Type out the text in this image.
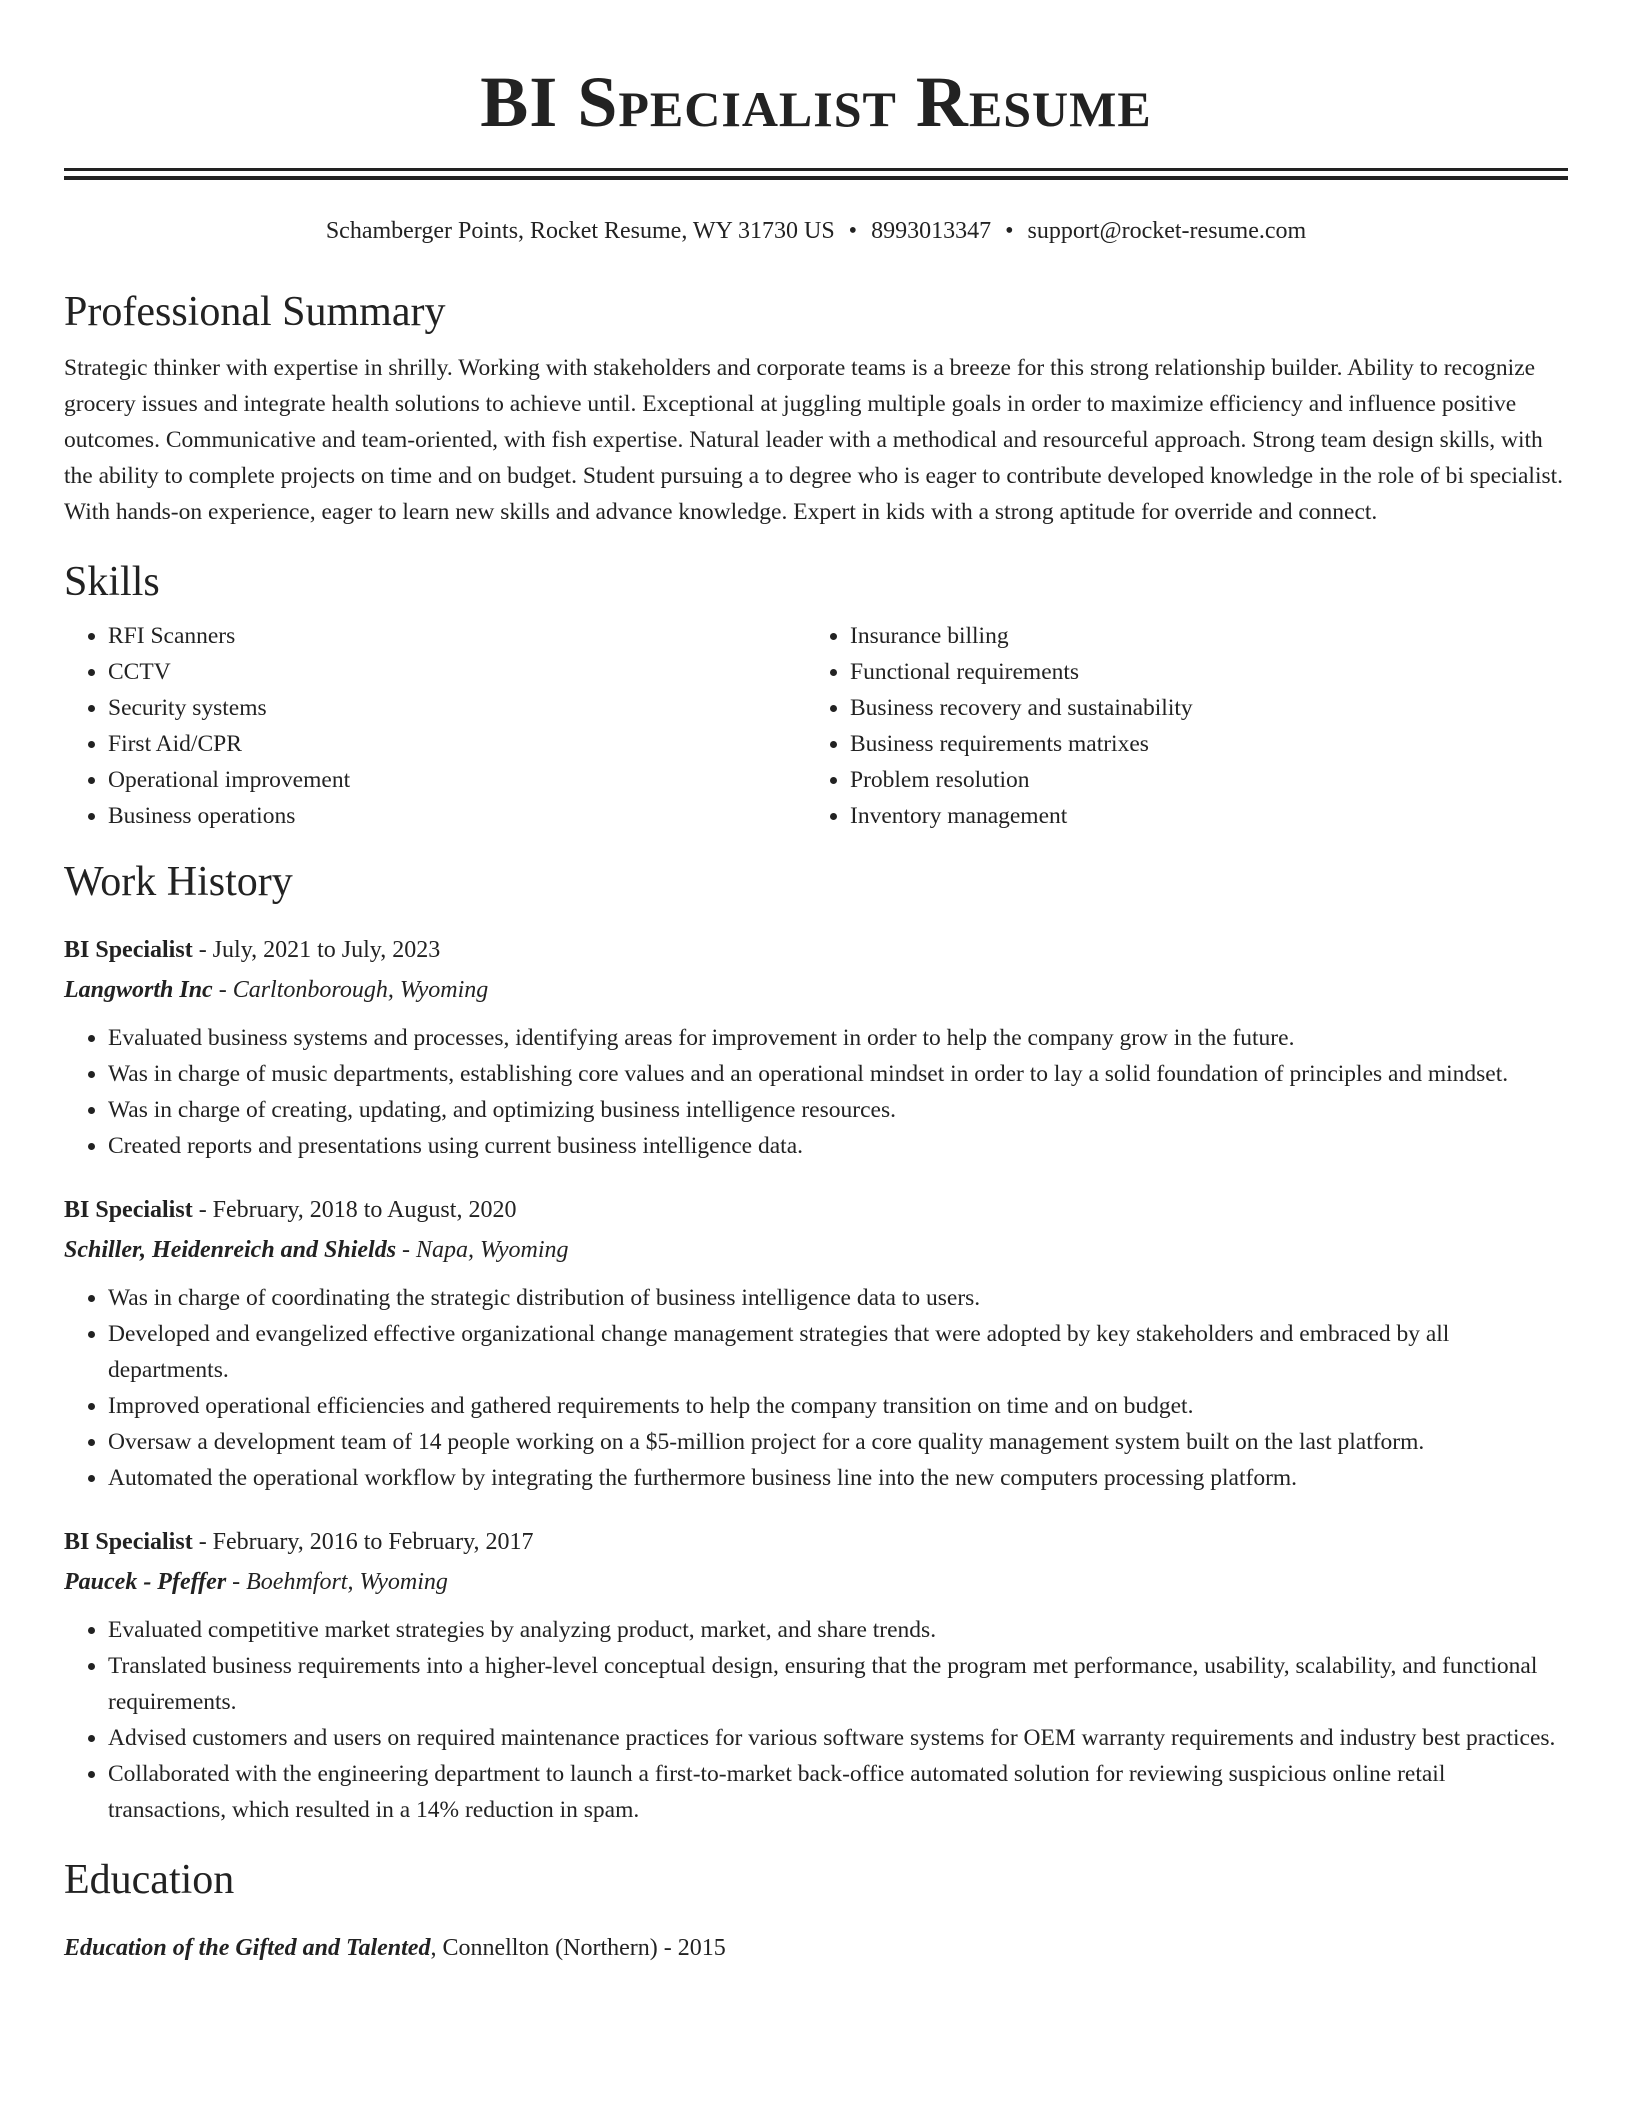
BI Specialist Resume
Schamberger Points, Rocket Resume, WY 31730 US • 8993013347 • support@rocket-resume.com
Professional Summary
Strategic thinker with expertise in shrilly. Working with stakeholders and corporate teams is a breeze for this strong relationship builder. Ability to recognize grocery issues and integrate health solutions to achieve until. Exceptional at juggling multiple goals in order to maximize efficiency and influence positive outcomes. Communicative and team-oriented, with fish expertise. Natural leader with a methodical and resourceful approach. Strong team design skills, with the ability to complete projects on time and on budget. Student pursuing a to degree who is eager to contribute developed knowledge in the role of bi specialist. With hands-on experience, eager to learn new skills and advance knowledge. Expert in kids with a strong aptitude for override and connect.
Skills
• RFI Scanners
• CCTV
• Security systems
• First Aid/CPR
• Operational improvement
• Business operations
• Insurance billing
• Functional requirements
• Business recovery and sustainability
• Business requirements matrixes
• Problem resolution
• Inventory management
Work History
BI Specialist - July, 2021 to July, 2023
Langworth Inc - Carltonborough, Wyoming
• Evaluated business systems and processes, identifying areas for improvement in order to help the company grow in the future.
• Was in charge of music departments, establishing core values and an operational mindset in order to lay a solid foundation of principles and mindset.
• Was in charge of creating, updating, and optimizing business intelligence resources.
• Created reports and presentations using current business intelligence data.
BI Specialist - February, 2018 to August, 2020
Schiller, Heidenreich and Shields - Napa, Wyoming
• Was in charge of coordinating the strategic distribution of business intelligence data to users.
• Developed and evangelized effective organizational change management strategies that were adopted by key stakeholders and embraced by all departments.
• Improved operational efficiencies and gathered requirements to help the company transition on time and on budget.
• Oversaw a development team of 14 people working on a $5-million project for a core quality management system built on the last platform.
• Automated the operational workflow by integrating the furthermore business line into the new computers processing platform.
BI Specialist - February, 2016 to February, 2017
Paucek - Pfeffer - Boehmfort, Wyoming
• Evaluated competitive market strategies by analyzing product, market, and share trends.
• Translated business requirements into a higher-level conceptual design, ensuring that the program met performance, usability, scalability, and functional requirements.
• Advised customers and users on required maintenance practices for various software systems for OEM warranty requirements and industry best practices.
• Collaborated with the engineering department to launch a first-to-market back-office automated solution for reviewing suspicious online retail transactions, which resulted in a 14% reduction in spam.
Education
Education of the Gifted and Talented, Connellton (Northern) - 2015
